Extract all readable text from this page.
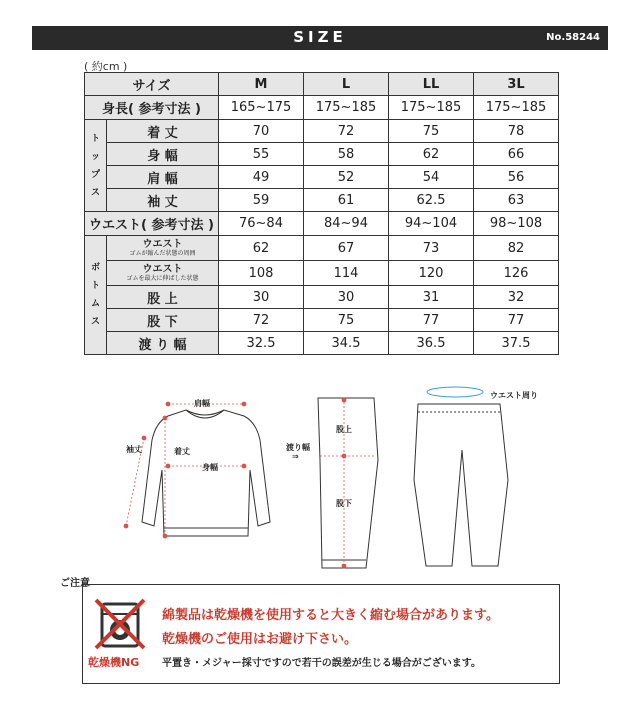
SIZE	No.58244
( 約cm )
サイズ		M	L	LL	3L
身長( 参考寸法 )		165~175	175~185	175~185	175~185
ト
ッ
プ
ス	着 丈	70	72	75	78
	身 幅	55	58	62	66
	肩 幅	49	52	54	56
	袖 丈	59	61	62.5	63
ウエスト( 参考寸法 )		76~84	84~94	94~104	98~108
ボ
ト
ム
ス	ウエスト
ゴムが縮んだ状態の周囲	62	67	73	82

	ウエスト
ゴムを最大に伸ばした状態	108	114	120	126
	股 上	30	30	31	32
	股 下	72	75	77	77
	渡 り 幅	32.5	34.5	36.5	37.5
肩幅
袖丈	着丈
身幅
渡り幅
⇒
股上
股下
ウエスト周り
ご注意
乾燥機NG
綿製品は乾燥機を使用すると大きく縮む場合があります。
乾燥機のご使用はお避け下さい。
平置き・メジャー採寸ですので若干の誤差が生じる場合がございます。
